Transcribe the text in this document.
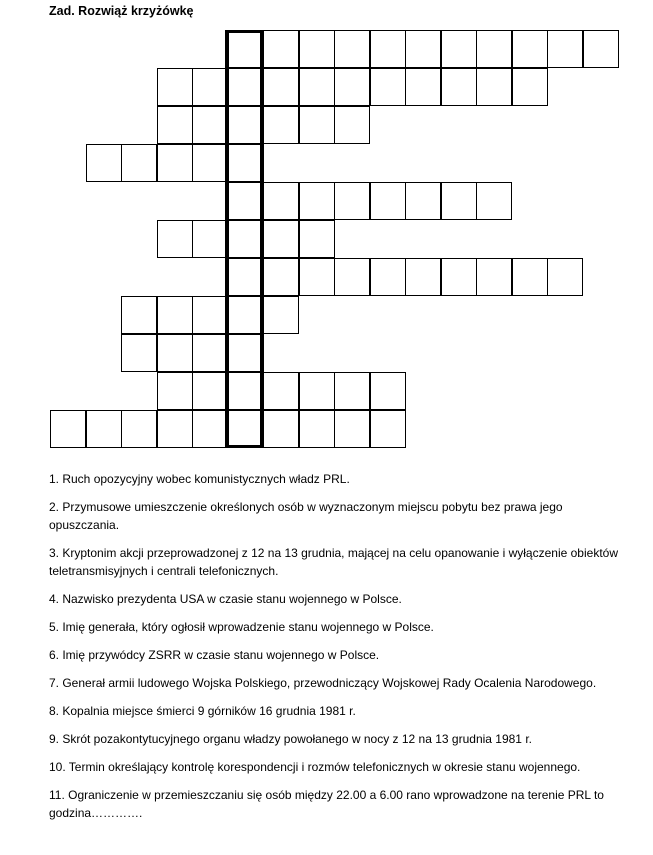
Zad. Rozwiąż krzyżówkę
1. Ruch opozycyjny wobec komunistycznych władz PRL.
2. Przymusowe umieszczenie określonych osób w wyznaczonym miejscu pobytu bez prawa jego opuszczania.
3. Kryptonim akcji przeprowadzonej z 12 na 13 grudnia, mającej na celu opanowanie i wyłączenie obiektów teletransmisyjnych i centrali telefonicznych.
4. Nazwisko prezydenta USA w czasie stanu wojennego w Polsce.
5. Imię generała, który ogłosił wprowadzenie stanu wojennego w Polsce.
6. Imię przywódcy ZSRR w czasie stanu wojennego w Polsce.
7. Generał armii ludowego Wojska Polskiego, przewodniczący Wojskowej Rady Ocalenia Narodowego.
8. Kopalnia miejsce śmierci 9 górników 16 grudnia 1981 r.
9. Skrót pozakontytucyjnego organu władzy powołanego w nocy z 12 na 13 grudnia 1981 r.
10. Termin określający kontrolę korespondencji i rozmów telefonicznych w okresie stanu wojennego.
11. Ograniczenie w przemieszczaniu się osób między 22.00 a 6.00 rano wprowadzone na terenie PRL to godzina………….
